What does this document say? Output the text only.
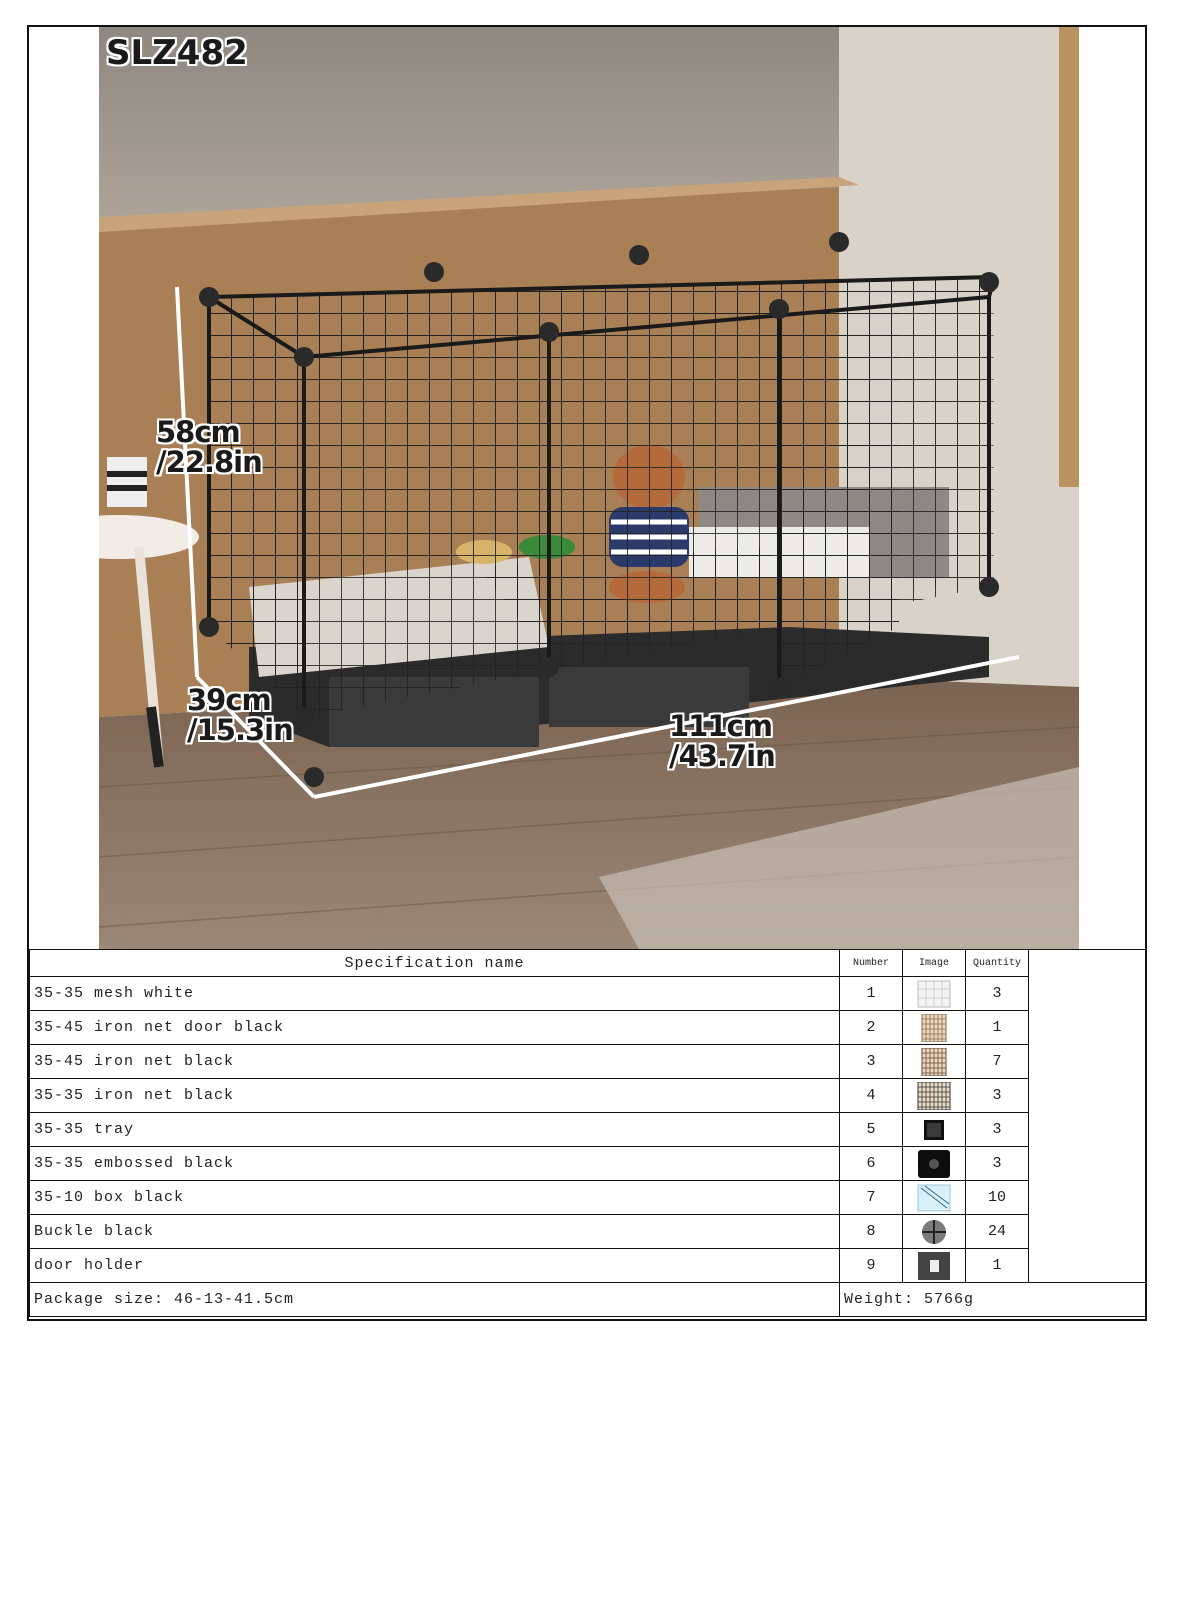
SLZ482
58cm
/22.8in
39cm
/15.3in	111cm
/43.7in
Specification name	Number	Image	Quantity	
35-35 mesh white	1		3	
35-45 iron net door black	2		1	
35-45 iron net black	3		7	
35-35 iron net black	4		3	
35-35 tray	5		3	
35-35 embossed black	6		3	
35-10 box black	7		10	
Buckle black	8		24	
door holder	9		1	
Package size: 46-13-41.5cm	Weight: 5766g			
